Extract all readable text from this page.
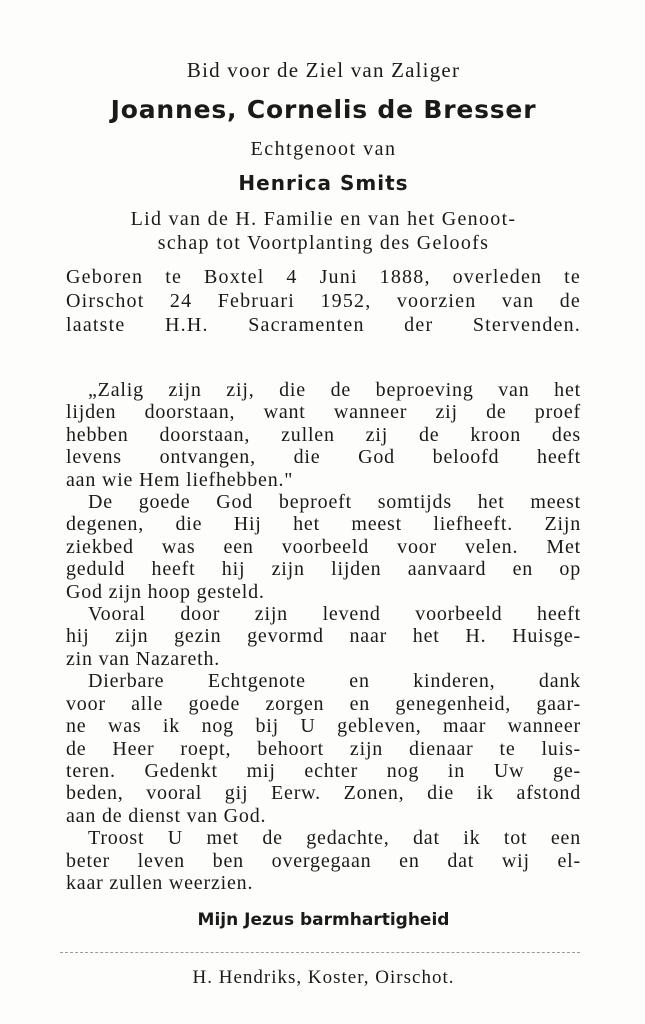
Bid voor de Ziel van Zaliger

Joannes, Cornelis de Bresser

Echtgenoot van

Henrica Smits

Lid van de H. Familie en van het Genoot-
schap tot Voortplanting des Geloofs
Geboren te Boxtel 4 Juni 1888, overleden te
Oirschot 24 Februari 1952, voorzien van de
laatste H.H. Sacramenten der Stervenden.
„Zalig zijn zij, die de beproeving van het
lijden doorstaan, want wanneer zij de proef
hebben doorstaan, zullen zij de kroon des
levens ontvangen, die God beloofd heeft
aan wie Hem liefhebben."
De goede God beproeft somtijds het meest
degenen, die Hij het meest liefheeft. Zijn
ziekbed was een voorbeeld voor velen. Met
geduld heeft hij zijn lijden aanvaard en op
God zijn hoop gesteld.
Vooral door zijn levend voorbeeld heeft
hij zijn gezin gevormd naar het H. Huisge-
zin van Nazareth.
Dierbare Echtgenote en kinderen, dank
voor alle goede zorgen en genegenheid, gaar-
ne was ik nog bij U gebleven, maar wanneer
de Heer roept, behoort zijn dienaar te luis-
teren. Gedenkt mij echter nog in Uw ge-
beden, vooral gij Eerw. Zonen, die ik afstond
aan de dienst van God.
Troost U met de gedachte, dat ik tot een
beter leven ben overgegaan en dat wij el-
kaar zullen weerzien.

Mijn Jezus barmhartigheid

H. Hendriks, Koster, Oirschot.
